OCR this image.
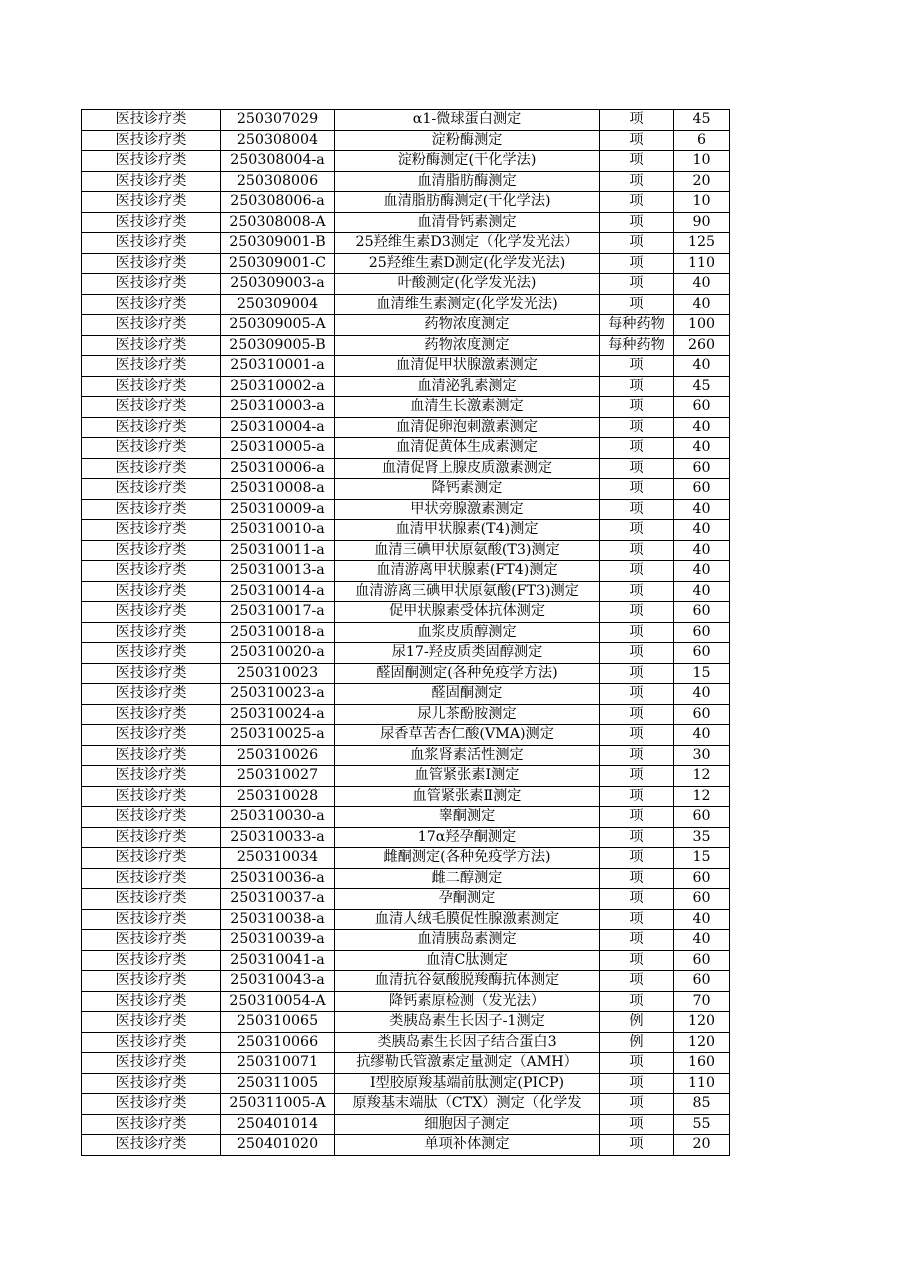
医技诊疗类	250307029	α1-微球蛋白测定	项	45
医技诊疗类	250308004	淀粉酶测定	项	6
医技诊疗类	250308004-a	淀粉酶测定(干化学法)	项	10
医技诊疗类	250308006	血清脂肪酶测定	项	20
医技诊疗类	250308006-a	血清脂肪酶测定(干化学法)	项	10
医技诊疗类	250308008-A	血清骨钙素测定	项	90
医技诊疗类	250309001-B	25羟维生素D3测定（化学发光法）	项	125
医技诊疗类	250309001-C	25羟维生素D测定(化学发光法)	项	110
医技诊疗类	250309003-a	叶酸测定(化学发光法)	项	40
医技诊疗类	250309004	血清维生素测定(化学发光法)	项	40
医技诊疗类	250309005-A	药物浓度测定	每种药物	100
医技诊疗类	250309005-B	药物浓度测定	每种药物	260
医技诊疗类	250310001-a	血清促甲状腺激素测定	项	40
医技诊疗类	250310002-a	血清泌乳素测定	项	45
医技诊疗类	250310003-a	血清生长激素测定	项	60
医技诊疗类	250310004-a	血清促卵泡刺激素测定	项	40
医技诊疗类	250310005-a	血清促黄体生成素测定	项	40
医技诊疗类	250310006-a	血清促肾上腺皮质激素测定	项	60
医技诊疗类	250310008-a	降钙素测定	项	60
医技诊疗类	250310009-a	甲状旁腺激素测定	项	40
医技诊疗类	250310010-a	血清甲状腺素(T4)测定	项	40
医技诊疗类	250310011-a	血清三碘甲状原氨酸(T3)测定	项	40
医技诊疗类	250310013-a	血清游离甲状腺素(FT4)测定	项	40
医技诊疗类	250310014-a	血清游离三碘甲状原氨酸(FT3)测定	项	40
医技诊疗类	250310017-a	促甲状腺素受体抗体测定	项	60
医技诊疗类	250310018-a	血浆皮质醇测定	项	60
医技诊疗类	250310020-a	尿17-羟皮质类固醇测定	项	60
医技诊疗类	250310023	醛固酮测定(各种免疫学方法)	项	15
医技诊疗类	250310023-a	醛固酮测定	项	40
医技诊疗类	250310024-a	尿儿茶酚胺测定	项	60
医技诊疗类	250310025-a	尿香草苦杏仁酸(VMA)测定	项	40
医技诊疗类	250310026	血浆肾素活性测定	项	30
医技诊疗类	250310027	血管紧张素Ⅰ测定	项	12
医技诊疗类	250310028	血管紧张素Ⅱ测定	项	12
医技诊疗类	250310030-a	睾酮测定	项	60
医技诊疗类	250310033-a	17α羟孕酮测定	项	35
医技诊疗类	250310034	雌酮测定(各种免疫学方法)	项	15
医技诊疗类	250310036-a	雌二醇测定	项	60
医技诊疗类	250310037-a	孕酮测定	项	60
医技诊疗类	250310038-a	血清人绒毛膜促性腺激素测定	项	40
医技诊疗类	250310039-a	血清胰岛素测定	项	40
医技诊疗类	250310041-a	血清C肽测定	项	60
医技诊疗类	250310043-a	血清抗谷氨酸脱羧酶抗体测定	项	60
医技诊疗类	250310054-A	降钙素原检测（发光法）	项	70
医技诊疗类	250310065	类胰岛素生长因子-1测定	例	120
医技诊疗类	250310066	类胰岛素生长因子结合蛋白3	例	120
医技诊疗类	250310071	抗缪勒氏管激素定量测定（AMH）	项	160
医技诊疗类	250311005	Ⅰ型胶原羧基端前肽测定(PICP)	项	110
医技诊疗类	250311005-A	原羧基末端肽（CTX）测定（化学发	项	85
医技诊疗类	250401014	细胞因子测定	项	55
医技诊疗类	250401020	单项补体测定	项	20
